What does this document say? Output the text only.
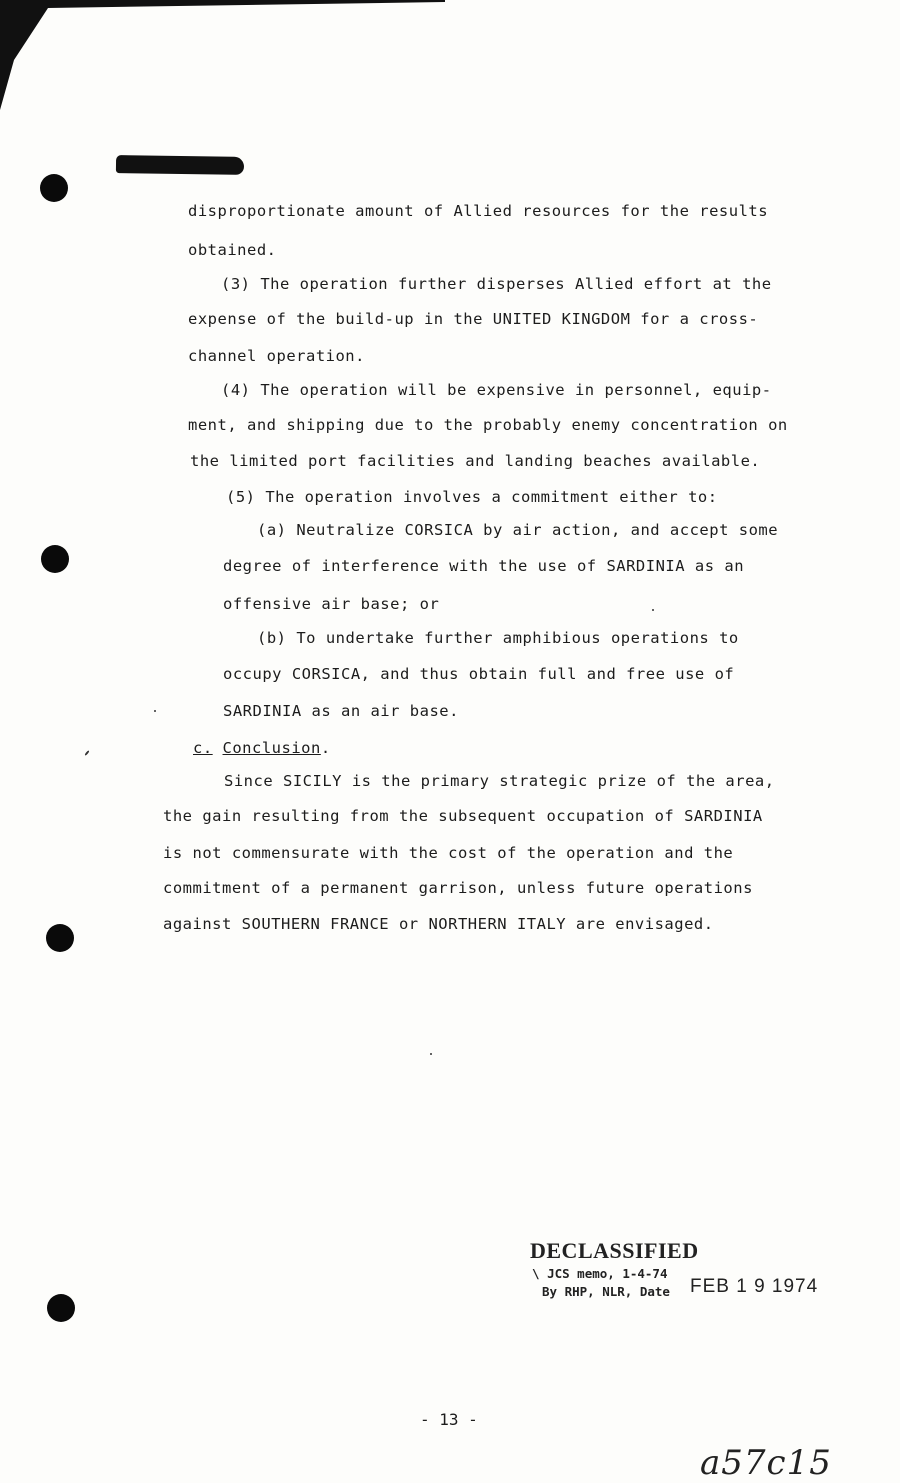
disproportionate amount of Allied resources for the results
obtained.
(3) The operation further disperses Allied effort at the
expense of the build-up in the UNITED KINGDOM for a cross-
channel operation.
(4) The operation will be expensive in personnel, equip-
ment, and shipping due to the probably enemy concentration on
the limited port facilities and landing beaches available.
(5) The operation involves a commitment either to:
(a) Neutralize CORSICA by air action, and accept some
degree of interference with the use of SARDINIA as an
offensive air base; or
(b) To undertake further amphibious operations to
occupy CORSICA, and thus obtain full and free use of
SARDINIA as an air base.
c. Conclusion.
Since SICILY is the primary strategic prize of the area,
the gain resulting from the subsequent occupation of SARDINIA
is not commensurate with the cost of the operation and the
commitment of a permanent garrison, unless future operations
against SOUTHERN FRANCE or NORTHERN ITALY are envisaged.
DECLASSIFIED
\ JCS memo, 1-4-74
By RHP, NLR, Date FEB 1 9 1974
- 13 -
a57c15
